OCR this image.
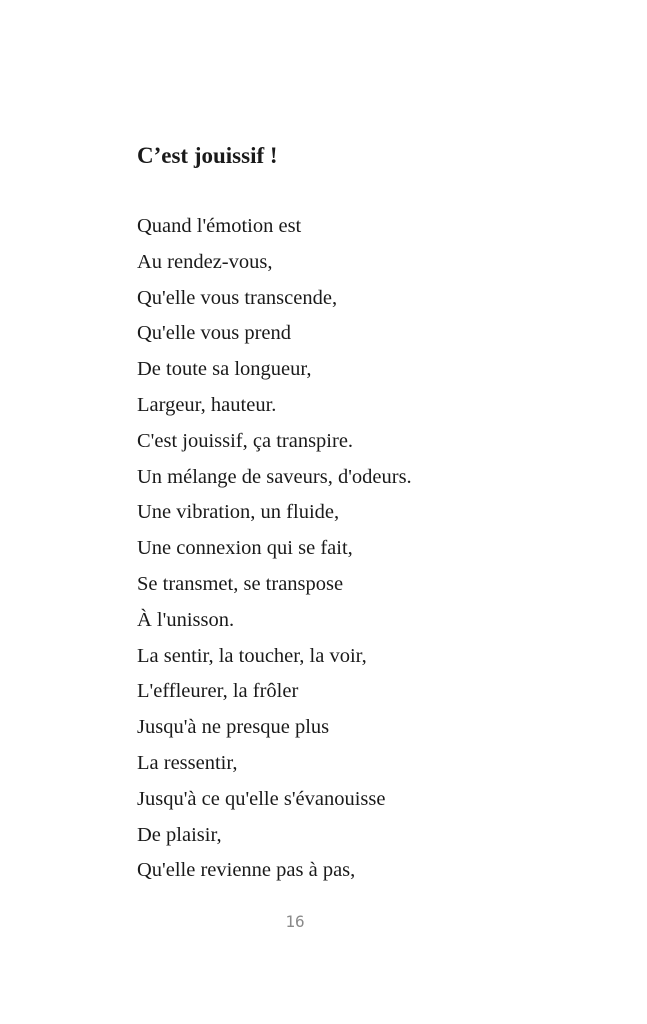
C’est jouissif !
Quand l'émotion est
Au rendez-vous,
Qu'elle vous transcende,
Qu'elle vous prend
De toute sa longueur,
Largeur, hauteur.
C'est jouissif, ça transpire.
Un mélange de saveurs, d'odeurs.
Une vibration, un fluide,
Une connexion qui se fait,
Se transmet, se transpose
À l'unisson.
La sentir, la toucher, la voir,
L'effleurer, la frôler
Jusqu'à ne presque plus
La ressentir,
Jusqu'à ce qu'elle s'évanouisse
De plaisir,
Qu'elle revienne pas à pas,
16
